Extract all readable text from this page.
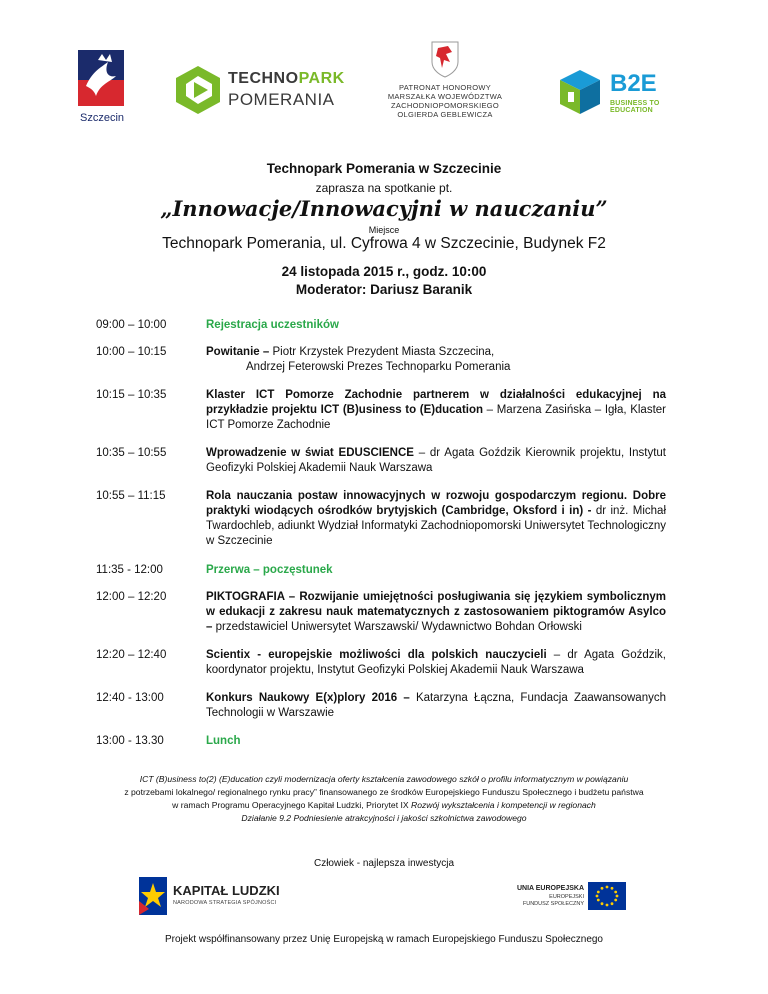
Szczecin
TECHNOPARK
POMERANIA
PATRONAT HONOROWY
MARSZAŁKA WOJEWÓDZTWA
ZACHODNIOPOMORSKIEGO
OLGIERDA GEBLEWICZA
B2E
BUSINESS TO EDUCATION
Technopark Pomerania w Szczecinie
zaprasza na spotkanie pt.
„Innowacje/Innowacyjni w nauczaniu”
Miejsce
Technopark Pomerania, ul. Cyfrowa 4 w Szczecinie, Budynek F2
24 listopada 2015 r., godz. 10:00
Moderator: Dariusz Baranik
09:00 – 10:00	Rejestracja uczestników
10:00 – 10:15	Powitanie – Piotr Krzystek Prezydent Miasta Szczecina,
Andrzej Feterowski Prezes Technoparku Pomerania
10:15 – 10:35	Klaster ICT Pomorze Zachodnie partnerem w działalności edukacyjnej na przykładzie projektu ICT (B)usiness to (E)ducation – Marzena Zasińska – Igła, Klaster ICT Pomorze Zachodnie
10:35 – 10:55	Wprowadzenie w świat EDUSCIENCE – dr Agata Goździk Kierownik projektu, Instytut Geofizyki Polskiej Akademii Nauk Warszawa
10:55 – 11:15	Rola nauczania postaw innowacyjnych w rozwoju gospodarczym regionu. Dobre praktyki wiodących ośrodków brytyjskich (Cambridge, Oksford i in) - dr inż. Michał Twardochleb, adiunkt Wydział Informatyki Zachodniopomorski Uniwersytet Technologiczny w Szczecinie
11:35 - 12:00	Przerwa – poczęstunek
12:00 – 12:20	PIKTOGRAFIA – Rozwijanie umiejętności posługiwania się językiem symbolicznym w edukacji z zakresu nauk matematycznych z zastosowaniem piktogramów Asylco – przedstawiciel Uniwersytet Warszawski/ Wydawnictwo Bohdan Orłowski
12:20 – 12:40	Scientix - europejskie możliwości dla polskich nauczycieli – dr Agata Goździk, koordynator projektu, Instytut Geofizyki Polskiej Akademii Nauk Warszawa
12:40 - 13:00	Konkurs Naukowy E(x)plory 2016 – Katarzyna Łączna, Fundacja Zaawansowanych Technologii w Warszawie
13:00 - 13.30	Lunch
ICT (B)usiness to(2) (E)ducation czyli modernizacja oferty kształcenia zawodowego szkół o profilu informatycznym w powiązaniu
z potrzebami lokalnego/ regionalnego rynku pracy” finansowanego ze środków Europejskiego Funduszu Społecznego i budżetu państwa
w ramach Programu Operacyjnego Kapitał Ludzki, Priorytet IX Rozwój wykształcenia i kompetencji w regionach
Działanie 9.2 Podniesienie atrakcyjności i jakości szkolnictwa zawodowego
Człowiek - najlepsza inwestycja
KAPITAŁ LUDZKI
NARODOWA STRATEGIA SPÓJNOŚCI
UNIA EUROPEJSKA
EUROPEJSKI
FUNDUSZ SPOŁECZNY
Projekt współfinansowany przez Unię Europejską w ramach Europejskiego Funduszu Społecznego
